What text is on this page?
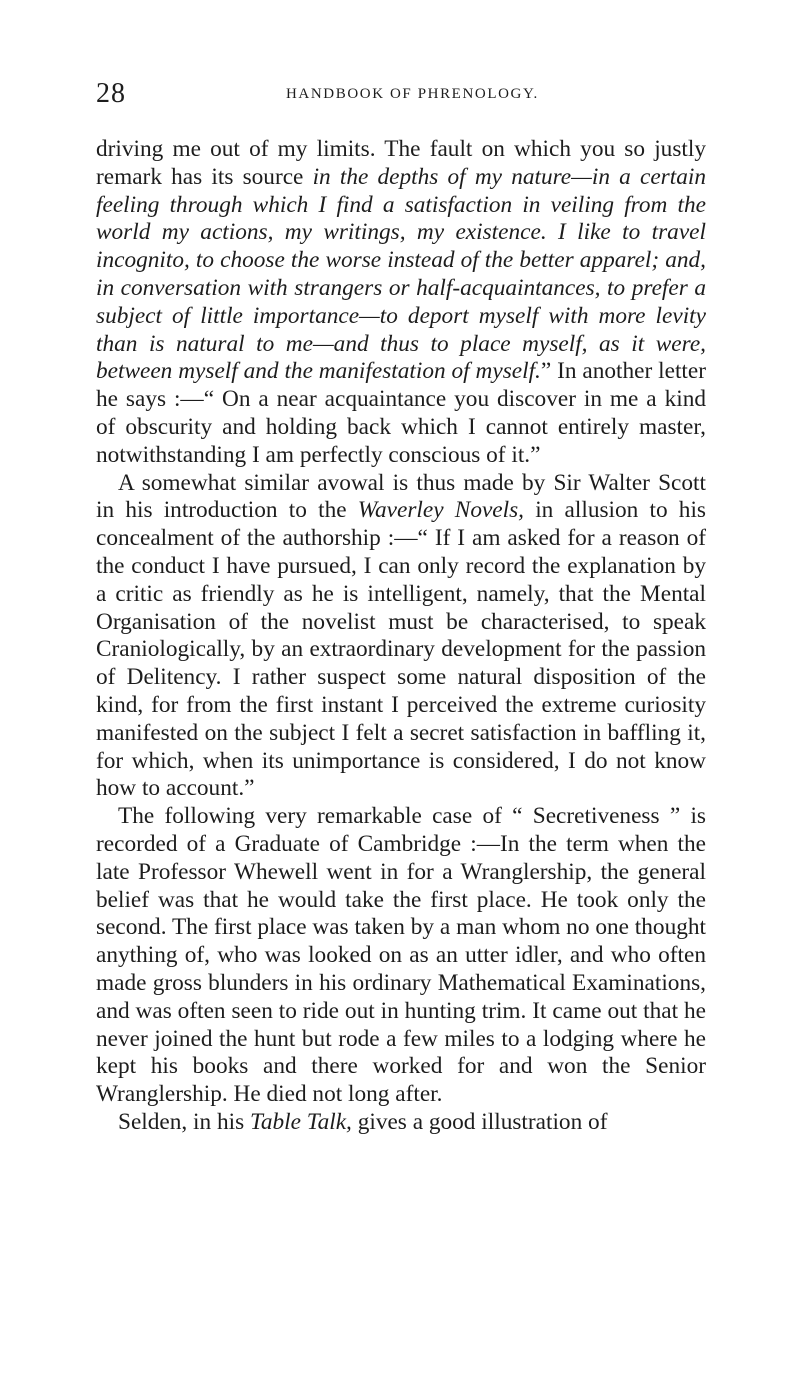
28	HANDBOOK OF PHRENOLOGY.

driving me out of my limits. The fault on which you so justly remark has its source in the depths of my nature—in a certain feeling through which I find a satisfaction in veiling from the world my actions, my writings, my existence. I like to travel incognito, to choose the worse instead of the better apparel; and, in conversation with strangers or half-acquaintances, to prefer a subject of little importance—to deport myself with more levity than is natural to me—and thus to place myself, as it were, between myself and the manifestation of myself.” In another letter he says :—“ On a near acquaintance you discover in me a kind of obscurity and holding back which I cannot entirely master, notwithstanding I am perfectly conscious of it.”

A somewhat similar avowal is thus made by Sir Walter Scott in his introduction to the Waverley Novels, in allusion to his concealment of the authorship :—“ If I am asked for a reason of the conduct I have pursued, I can only record the explanation by a critic as friendly as he is intelligent, namely, that the Mental Organisation of the novelist must be characterised, to speak Craniologically, by an extraordinary development for the passion of Delitency. I rather suspect some natural disposition of the kind, for from the first instant I perceived the extreme curiosity manifested on the subject I felt a secret satisfaction in baffling it, for which, when its unimportance is considered, I do not know how to account.”

The following very remarkable case of “ Secretiveness ” is recorded of a Graduate of Cambridge :—In the term when the late Professor Whewell went in for a Wranglership, the general belief was that he would take the first place. He took only the second. The first place was taken by a man whom no one thought anything of, who was looked on as an utter idler, and who often made gross blunders in his ordinary Mathematical Examinations, and was often seen to ride out in hunting trim. It came out that he never joined the hunt but rode a few miles to a lodging where he kept his books and there worked for and won the Senior Wranglership. He died not long after.

Selden, in his Table Talk, gives a good illustration of
